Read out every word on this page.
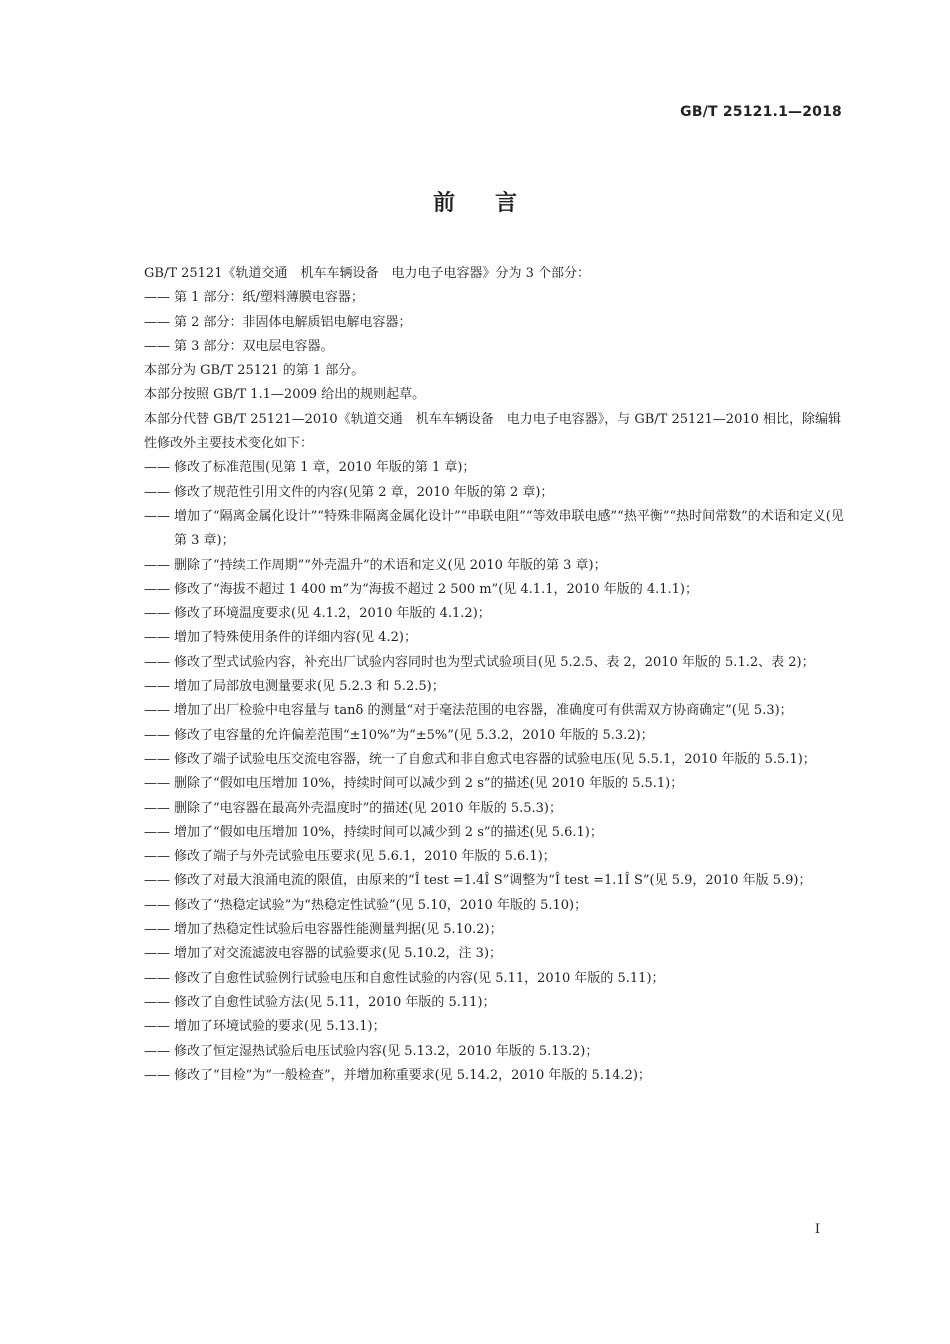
GB/T 25121.1—2018
前言
GB/T 25121《轨道交通　机车车辆设备　电力电子电容器》分为 3 个部分：
—— 第 1 部分：纸/塑料薄膜电容器；
—— 第 2 部分：非固体电解质铝电解电容器；
—— 第 3 部分：双电层电容器。
本部分为 GB/T 25121 的第 1 部分。
本部分按照 GB/T 1.1—2009 给出的规则起草。
本部分代替 GB/T 25121—2010《轨道交通　机车车辆设备　电力电子电容器》，与 GB/T 25121—2010 相比，除编辑性修改外主要技术变化如下：
—— 修改了标准范围(见第 1 章，2010 年版的第 1 章)；
—— 修改了规范性引用文件的内容(见第 2 章，2010 年版的第 2 章)；
—— 增加了“隔离金属化设计”“特殊非隔离金属化设计”“串联电阻”“等效串联电感”“热平衡”“热时间常数”的术语和定义(见第 3 章)；
—— 删除了“持续工作周期”“外壳温升”的术语和定义(见 2010 年版的第 3 章)；
—— 修改了“海拔不超过 1 400 m”为“海拔不超过 2 500 m”(见 4.1.1，2010 年版的 4.1.1)；
—— 修改了环境温度要求(见 4.1.2，2010 年版的 4.1.2)；
—— 增加了特殊使用条件的详细内容(见 4.2)；
—— 修改了型式试验内容，补充出厂试验内容同时也为型式试验项目(见 5.2.5、表 2，2010 年版的 5.1.2、表 2)；
—— 增加了局部放电测量要求(见 5.2.3 和 5.2.5)；
—— 增加了出厂检验中电容量与 tanδ 的测量“对于毫法范围的电容器，准确度可有供需双方协商确定”(见 5.3)；
—— 修改了电容量的允许偏差范围“±10%”为“±5%”(见 5.3.2，2010 年版的 5.3.2)；
—— 修改了端子试验电压交流电容器，统一了自愈式和非自愈式电容器的试验电压(见 5.5.1，2010 年版的 5.5.1)；
—— 删除了“假如电压增加 10%，持续时间可以减少到 2 s”的描述(见 2010 年版的 5.5.1)；
—— 删除了“电容器在最高外壳温度时”的描述(见 2010 年版的 5.5.3)；
—— 增加了“假如电压增加 10%，持续时间可以减少到 2 s”的描述(见 5.6.1)；
—— 修改了端子与外壳试验电压要求(见 5.6.1，2010 年版的 5.6.1)；
—— 修改了对最大浪涌电流的限值，由原来的“Î test =1.4Î S”调整为“Î test =1.1Î S”(见 5.9，2010 年版 5.9)；
—— 修改了“热稳定试验”为“热稳定性试验”(见 5.10，2010 年版的 5.10)；
—— 增加了热稳定性试验后电容器性能测量判据(见 5.10.2)；
—— 增加了对交流滤波电容器的试验要求(见 5.10.2，注 3)；
—— 修改了自愈性试验例行试验电压和自愈性试验的内容(见 5.11，2010 年版的 5.11)；
—— 修改了自愈性试验方法(见 5.11，2010 年版的 5.11)；
—— 增加了环境试验的要求(见 5.13.1)；
—— 修改了恒定湿热试验后电压试验内容(见 5.13.2，2010 年版的 5.13.2)；
—— 修改了“目检”为“一般检查”，并增加称重要求(见 5.14.2，2010 年版的 5.14.2)；
I
